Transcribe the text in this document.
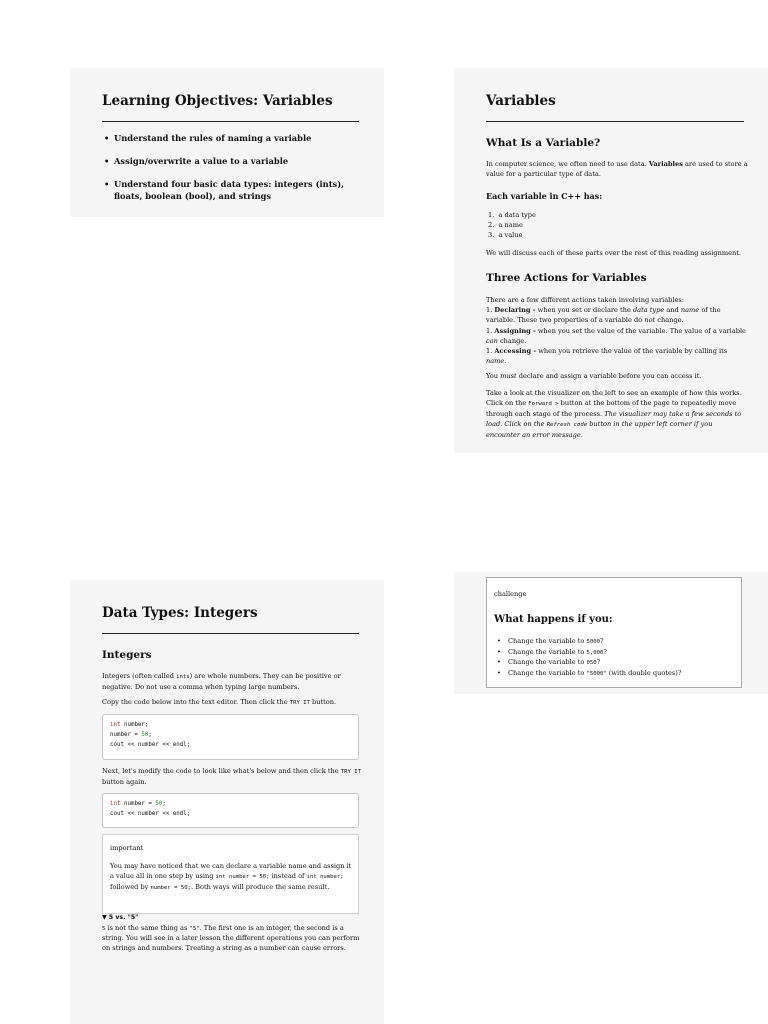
Learning Objectives: Variables
• Understand the rules of naming a variable
• Assign/overwrite a value to a variable
• Understand four basic data types: integers (ints), floats, boolean (bool), and strings
Variables
What Is a Variable?

In computer science, we often need to use data. Variables are used to store a value for a particular type of data.

Each variable in C++ has:
1. a data type
2. a name
3. a value

We will discuss each of these parts over the rest of this reading assignment.

Three Actions for Variables
There are a few different actions taken involving variables:
1. Declaring - when you set or declare the data type and name of the variable. These two properties of a variable do not change.
1. Assigning - when you set the value of the variable. The value of a variable can change.
1. Accessing - when you retrieve the value of the variable by calling its name.

You must declare and assign a variable before you can access it.

Take a look at the visualizer on the left to see an example of how this works. Click on the Forward > button at the bottom of the page to repeatedly move through each stage of the process. The visualizer may take a few seconds to load. Click on the Refresh code button in the upper left corner if you encounter an error message.

Data Types: Integers
Integers

Integers (often called ints) are whole numbers. They can be positive or negative. Do not use a comma when typing large numbers.

Copy the code below into the text editor. Then click the TRY IT button.

int number;
number = 50;
cout << number << endl;

Next, let's modify the code to look like what's below and then click the TRY IT button again.

int number = 50;
cout << number << endl;
important

You may have noticed that we can declare a variable name and assign it a value all in one step by using int number = 50; instead of int number; followed by number = 50;. Both ways will produce the same result.

▼ 5 vs. "5"
5 is not the same thing as "5". The first one is an integer, the second is a string. You will see in a later lesson the different operations you can perform on strings and numbers. Treating a string as a number can cause errors.
challenge
What happens if you:
• Change the variable to 5000?
• Change the variable to 5,000?
• Change the variable to 050?
• Change the variable to "5000" (with double quotes)?
